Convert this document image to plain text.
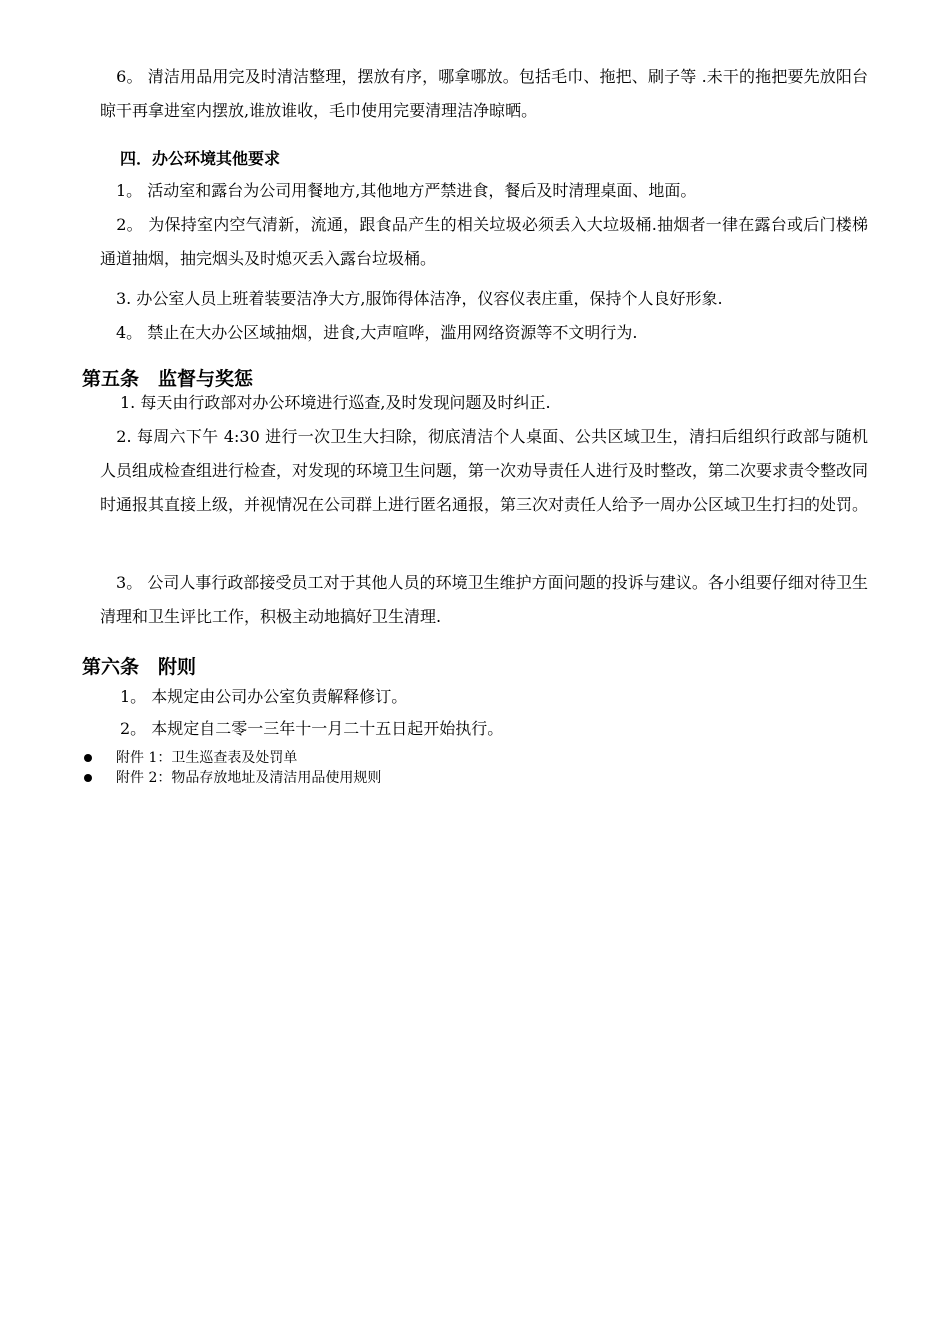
　6。 清洁用品用完及时清洁整理，摆放有序，哪拿哪放。包括毛巾、拖把、刷子等 .未干的拖把要先放阳台晾干再拿进室内摆放,谁放谁收，毛巾使用完要清理洁净晾晒。

四．办公环境其他要求

　1。 活动室和露台为公司用餐地方,其他地方严禁进食，餐后及时清理桌面、地面。

　2。 为保持室内空气清新，流通，跟食品产生的相关垃圾必须丢入大垃圾桶.抽烟者一律在露台或后门楼梯通道抽烟，抽完烟头及时熄灭丢入露台垃圾桶。

　3. 办公室人员上班着装要洁净大方,服饰得体洁净，仪容仪表庄重，保持个人良好形象.

　4。 禁止在大办公区域抽烟，进食,大声喧哗，滥用网络资源等不文明行为.

第五条　监督与奖惩

　1. 每天由行政部对办公环境进行巡查,及时发现问题及时纠正.

　2. 每周六下午 4:30 进行一次卫生大扫除，彻底清洁个人桌面、公共区域卫生，清扫后组织行政部与随机人员组成检查组进行检查，对发现的环境卫生问题，第一次劝导责任人进行及时整改，第二次要求责令整改同时通报其直接上级，并视情况在公司群上进行匿名通报，第三次对责任人给予一周办公区域卫生打扫的处罚。

　3。 公司人事行政部接受员工对于其他人员的环境卫生维护方面问题的投诉与建议。各小组要仔细对待卫生清理和卫生评比工作，积极主动地搞好卫生清理.

第六条　附则

　1。 本规定由公司办公室负责解释修订。

　2。 本规定自二零一三年十一月二十五日起开始执行。

附件 1：卫生巡查表及处罚单

附件 2：物品存放地址及清洁用品使用规则
